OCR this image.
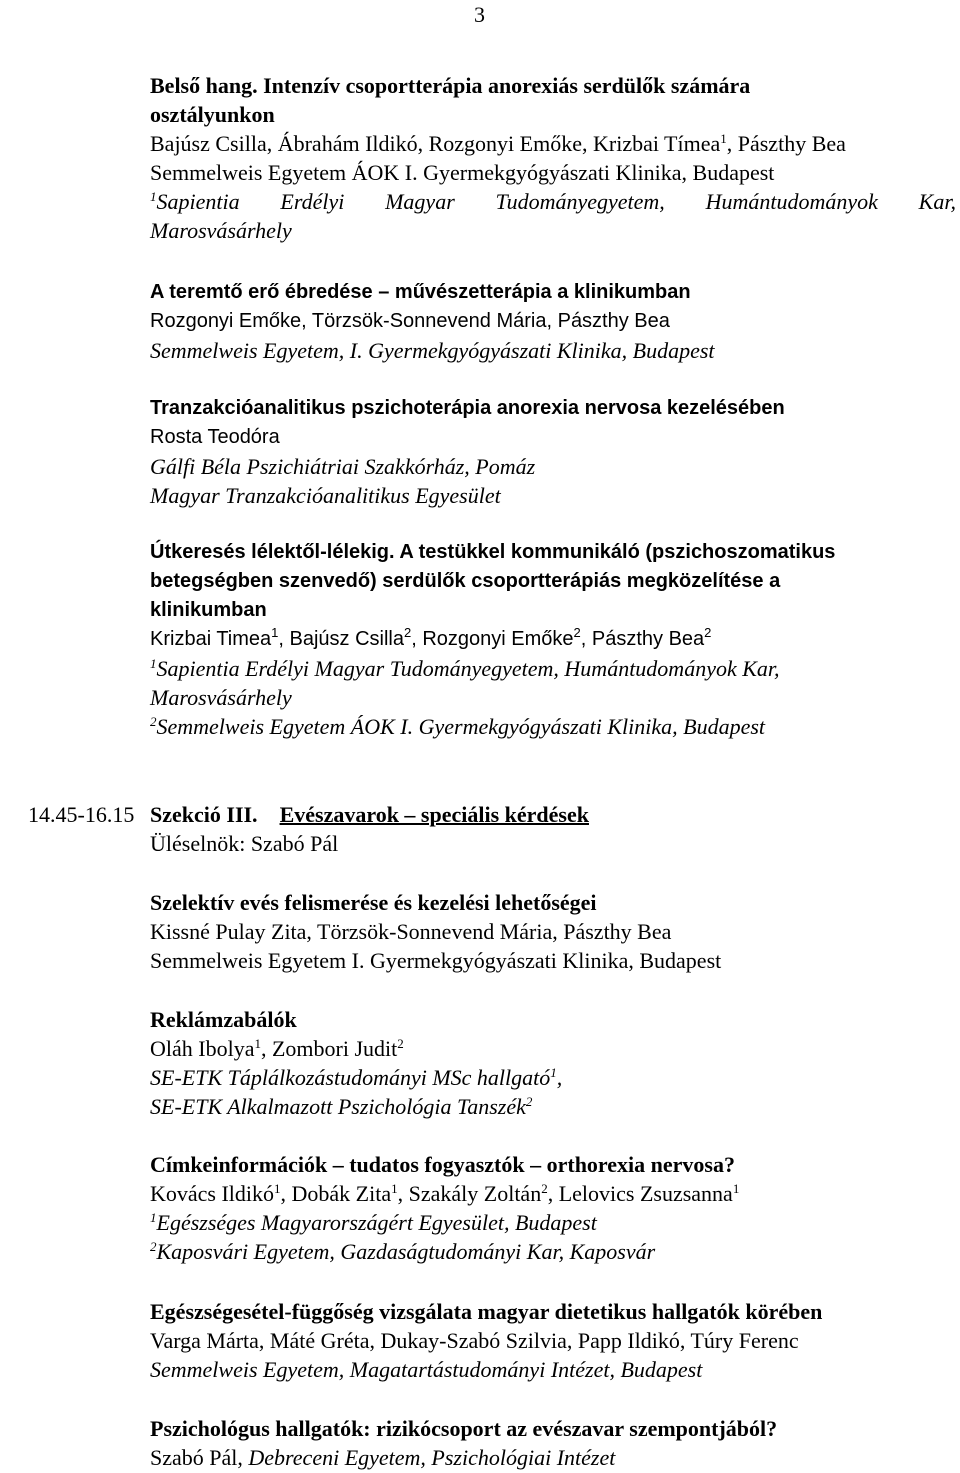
3
Belső hang. Intenzív csoportterápia anorexiás serdülők számára
osztályunkon
Bajúsz Csilla, Ábrahám Ildikó, Rozgonyi Emőke, Krizbai Tímea$^1$, Pászthy Bea
Semmelweis Egyetem ÁOK I. Gyermekgyógyászati Klinika, Budapest
$^1$Sapientia Erdélyi Magyar Tudományegyetem, Humántudományok Kar,
Marosvásárhely
A teremtő erő ébredése – művészetterápia a klinikumban
Rozgonyi Emőke, Törzsök-Sonnevend Mária, Pászthy Bea
Semmelweis Egyetem, I. Gyermekgyógyászati Klinika, Budapest
Tranzakcióanalitikus pszichoterápia anorexia nervosa kezelésében
Rosta Teodóra
Gálfi Béla Pszichiátriai Szakkórház, Pomáz
Magyar Tranzakcióanalitikus Egyesület
Útkeresés lélektől-lélekig. A testükkel kommunikáló (pszichoszomatikus
betegségben szenvedő) serdülők csoportterápiás megközelítése a
klinikumban
Krizbai Timea$^1$, Bajúsz Csilla$^2$, Rozgonyi Emőke$^2$, Pászthy Bea$^2$
$^1$Sapientia Erdélyi Magyar Tudományegyetem, Humántudományok Kar,
Marosvásárhely
$^2$Semmelweis Egyetem ÁOK I. Gyermekgyógyászati Klinika, Budapest
14.45-16.15 Szekció III. Evészavarok – speciális kérdések
Üléselnök: Szabó Pál
Szelektív evés felismerése és kezelési lehetőségei
Kissné Pulay Zita, Törzsök-Sonnevend Mária, Pászthy Bea
Semmelweis Egyetem I. Gyermekgyógyászati Klinika, Budapest
Reklámzabálók
Oláh Ibolya$^1$, Zombori Judit$^2$
SE-ETK Táplálkozástudományi MSc hallgató$^1$,
SE-ETK Alkalmazott Pszichológia Tanszék$^2$
Címkeinformációk – tudatos fogyasztók – orthorexia nervosa?
Kovács Ildikó$^1$, Dobák Zita$^1$, Szakály Zoltán$^2$, Lelovics Zsuzsanna$^1$
$^1$Egészséges Magyarországért Egyesület, Budapest
$^2$Kaposvári Egyetem, Gazdaságtudományi Kar, Kaposvár
Egészségesétel-függőség vizsgálata magyar dietetikus hallgatók körében
Varga Márta, Máté Gréta, Dukay-Szabó Szilvia, Papp Ildikó, Túry Ferenc
Semmelweis Egyetem, Magatartástudományi Intézet, Budapest
Pszichológus hallgatók: rizikócsoport az evészavar szempontjából?
Szabó Pál, Debreceni Egyetem, Pszichológiai Intézet
